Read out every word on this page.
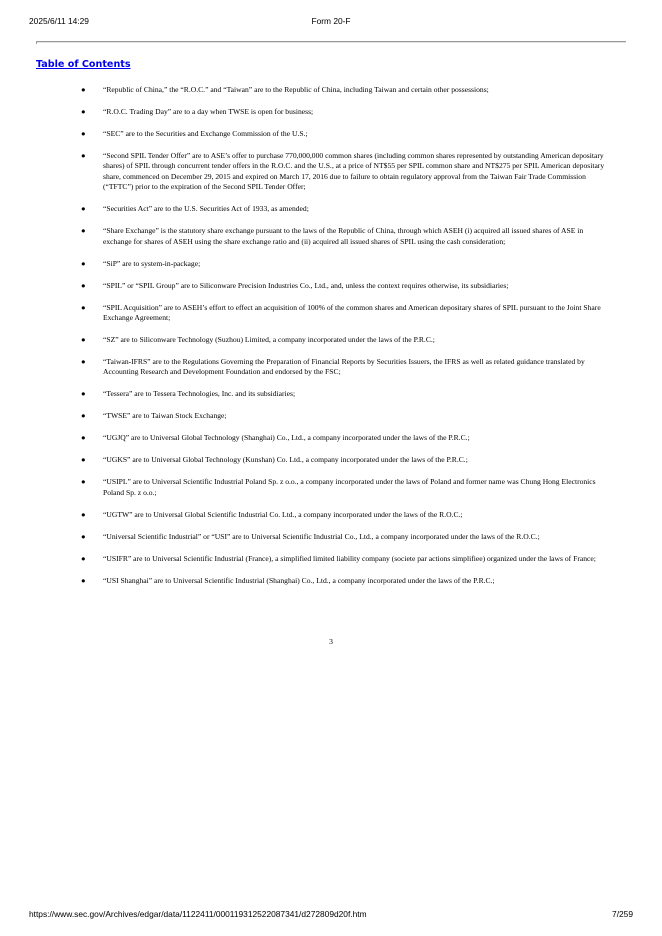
2025/6/11 14:29	Form 20-F
Table of Contents
● “Republic of China,” the “R.O.C.” and “Taiwan” are to the Republic of China, including Taiwan and certain other possessions;
● “R.O.C. Trading Day” are to a day when TWSE is open for business;
● “SEC” are to the Securities and Exchange Commission of the U.S.;
● “Second SPIL Tender Offer” are to ASE’s offer to purchase 770,000,000 common shares (including common shares represented by outstanding American depositary shares) of SPIL through concurrent tender offers in the R.O.C. and the U.S., at a price of NT$55 per SPIL common share and NT$275 per SPIL American depositary share, commenced on December 29, 2015 and expired on March 17, 2016 due to failure to obtain regulatory approval from the Taiwan Fair Trade Commission (“TFTC”) prior to the expiration of the Second SPIL Tender Offer;
● “Securities Act” are to the U.S. Securities Act of 1933, as amended;
● “Share Exchange” is the statutory share exchange pursuant to the laws of the Republic of China, through which ASEH (i) acquired all issued shares of ASE in exchange for shares of ASEH using the share exchange ratio and (ii) acquired all issued shares of SPIL using the cash consideration;
● “SiP” are to system-in-package;
● “SPIL” or “SPIL Group” are to Siliconware Precision Industries Co., Ltd., and, unless the context requires otherwise, its subsidiaries;
● “SPIL Acquisition” are to ASEH’s effort to effect an acquisition of 100% of the common shares and American depositary shares of SPIL pursuant to the Joint Share Exchange Agreement;
● “SZ” are to Siliconware Technology (Suzhou) Limited, a company incorporated under the laws of the P.R.C.;
● “Taiwan-IFRS” are to the Regulations Governing the Preparation of Financial Reports by Securities Issuers, the IFRS as well as related guidance translated by Accounting Research and Development Foundation and endorsed by the FSC;
● “Tessera” are to Tessera Technologies, Inc. and its subsidiaries;
● “TWSE” are to Taiwan Stock Exchange;
● “UGJQ” are to Universal Global Technology (Shanghai) Co., Ltd., a company incorporated under the laws of the P.R.C.;
● “UGKS” are to Universal Global Technology (Kunshan) Co. Ltd., a company incorporated under the laws of the P.R.C.;
● “USIPL” are to Universal Scientific Industrial Poland Sp. z o.o., a company incorporated under the laws of Poland and former name was Chung Hong Electronics Poland Sp. z o.o.;
● “UGTW” are to Universal Global Scientific Industrial Co. Ltd., a company incorporated under the laws of the R.O.C.;
● “Universal Scientific Industrial” or “USI” are to Universal Scientific Industrial Co., Ltd., a company incorporated under the laws of the R.O.C.;
● “USIFR” are to Universal Scientific Industrial (France), a simplified limited liability company (societe par actions simplifiee) organized under the laws of France;
● “USI Shanghai” are to Universal Scientific Industrial (Shanghai) Co., Ltd., a company incorporated under the laws of the P.R.C.;
3
https://www.sec.gov/Archives/edgar/data/1122411/000119312522087341/d272809d20f.htm	7/259
